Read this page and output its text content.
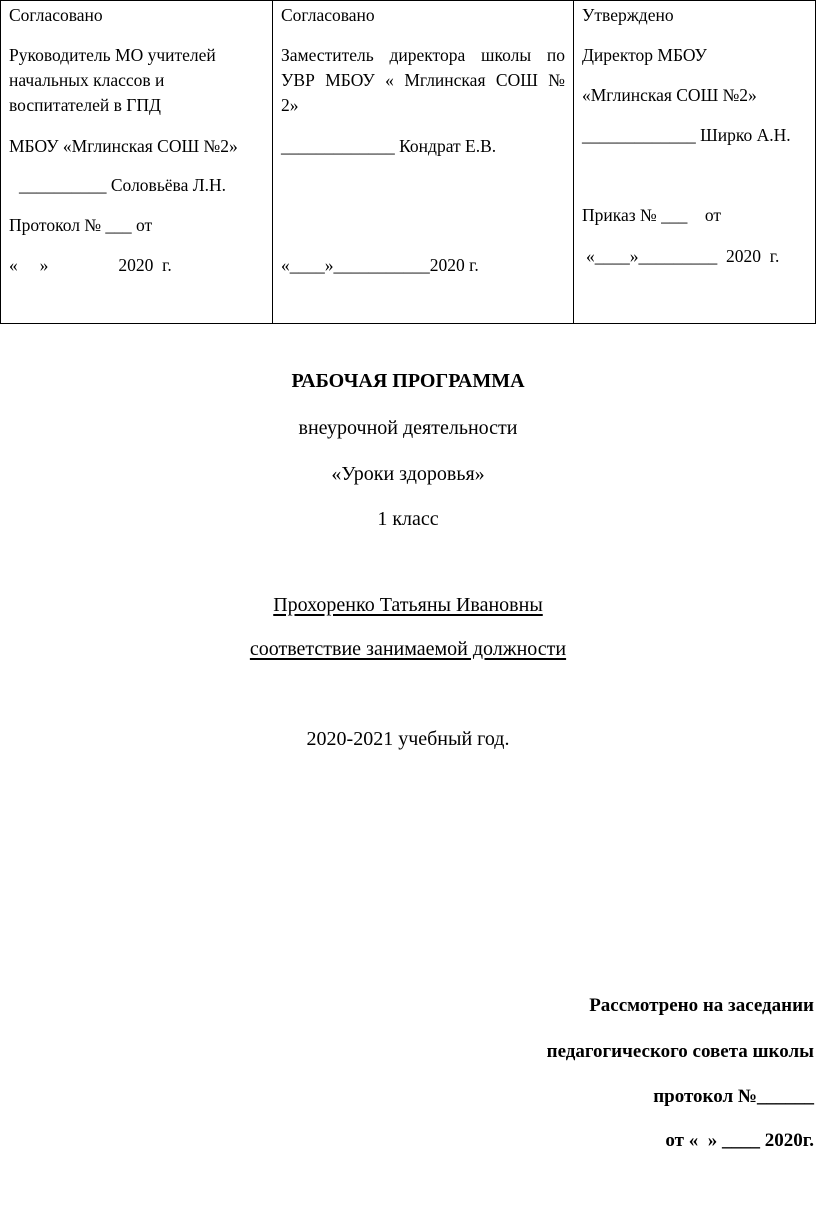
Согласовано
Руководитель МО учителей
начальных классов и
воспитателей в ГПД
МБОУ «Мглинская СОШ №2»
__________ Соловьёва Л.Н.
Протокол № ___ от
«     »                2020  г.

Согласовано
Заместитель директора школы по
УВР МБОУ « Мглинская СОШ №
2»
_____________ Кондрат Е.В.
«____»___________2020 г.

Утверждено
Директор МБОУ
«Мглинская СОШ №2»
_____________ Ширко А.Н.
Приказ № ___    от
«____»_________  2020  г.
РАБОЧАЯ ПРОГРАММА
внеурочной деятельности
«Уроки здоровья»
1 класс
Прохоренко Татьяны Ивановны
соответствие занимаемой должности
2020-2021 учебный год.
Рассмотрено на заседании
педагогического совета школы
протокол №______
от «  » ____ 2020г.
